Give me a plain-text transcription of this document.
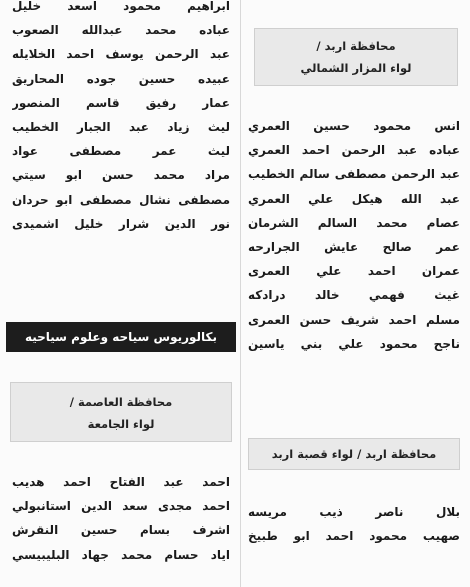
ابراهيم محمود اسعد خليل
عباده محمد عبدالله الصعوب
عبد الرحمن يوسف احمد الخلايله
عبيده حسين جوده المحاريق
عمار رفيق قاسم المنصور
ليث زياد عبد الجبار الخطيب
ليث عمر مصطفى عواد
مراد محمد حسن ابو سيتي
مصطفى نشال مصطفى ابو حردان
نور الدين شرار خليل اشميدى
بكالوريوس سياحه وعلوم سياحيه
محافظة العاصمة /
لواء الجامعة
احمد عبد الفتاح احمد هديب
احمد مجدى سعد الدين استانبولي
اشرف بسام حسين النقرش
اياد حسام محمد جهاد البليبيسي
محافظة اربد /
لواء المزار الشمالي
انس محمود حسين العمري
عباده عبد الرحمن احمد العمري
عبد الرحمن مصطفى سالم الخطيب
عبد الله هيكل علي العمري
عصام محمد السالم الشرمان
عمر صالح عايش الجرارحه
عمران احمد علي العمرى
غيث فهمي خالد درادكه
مسلم احمد شريف حسن العمرى
ناجح محمود علي بني ياسين
محافظة اربد / لواء قصبة اربد
بلال ناصر ذيب مريسه
صهيب محمود احمد ابو طبيخ
